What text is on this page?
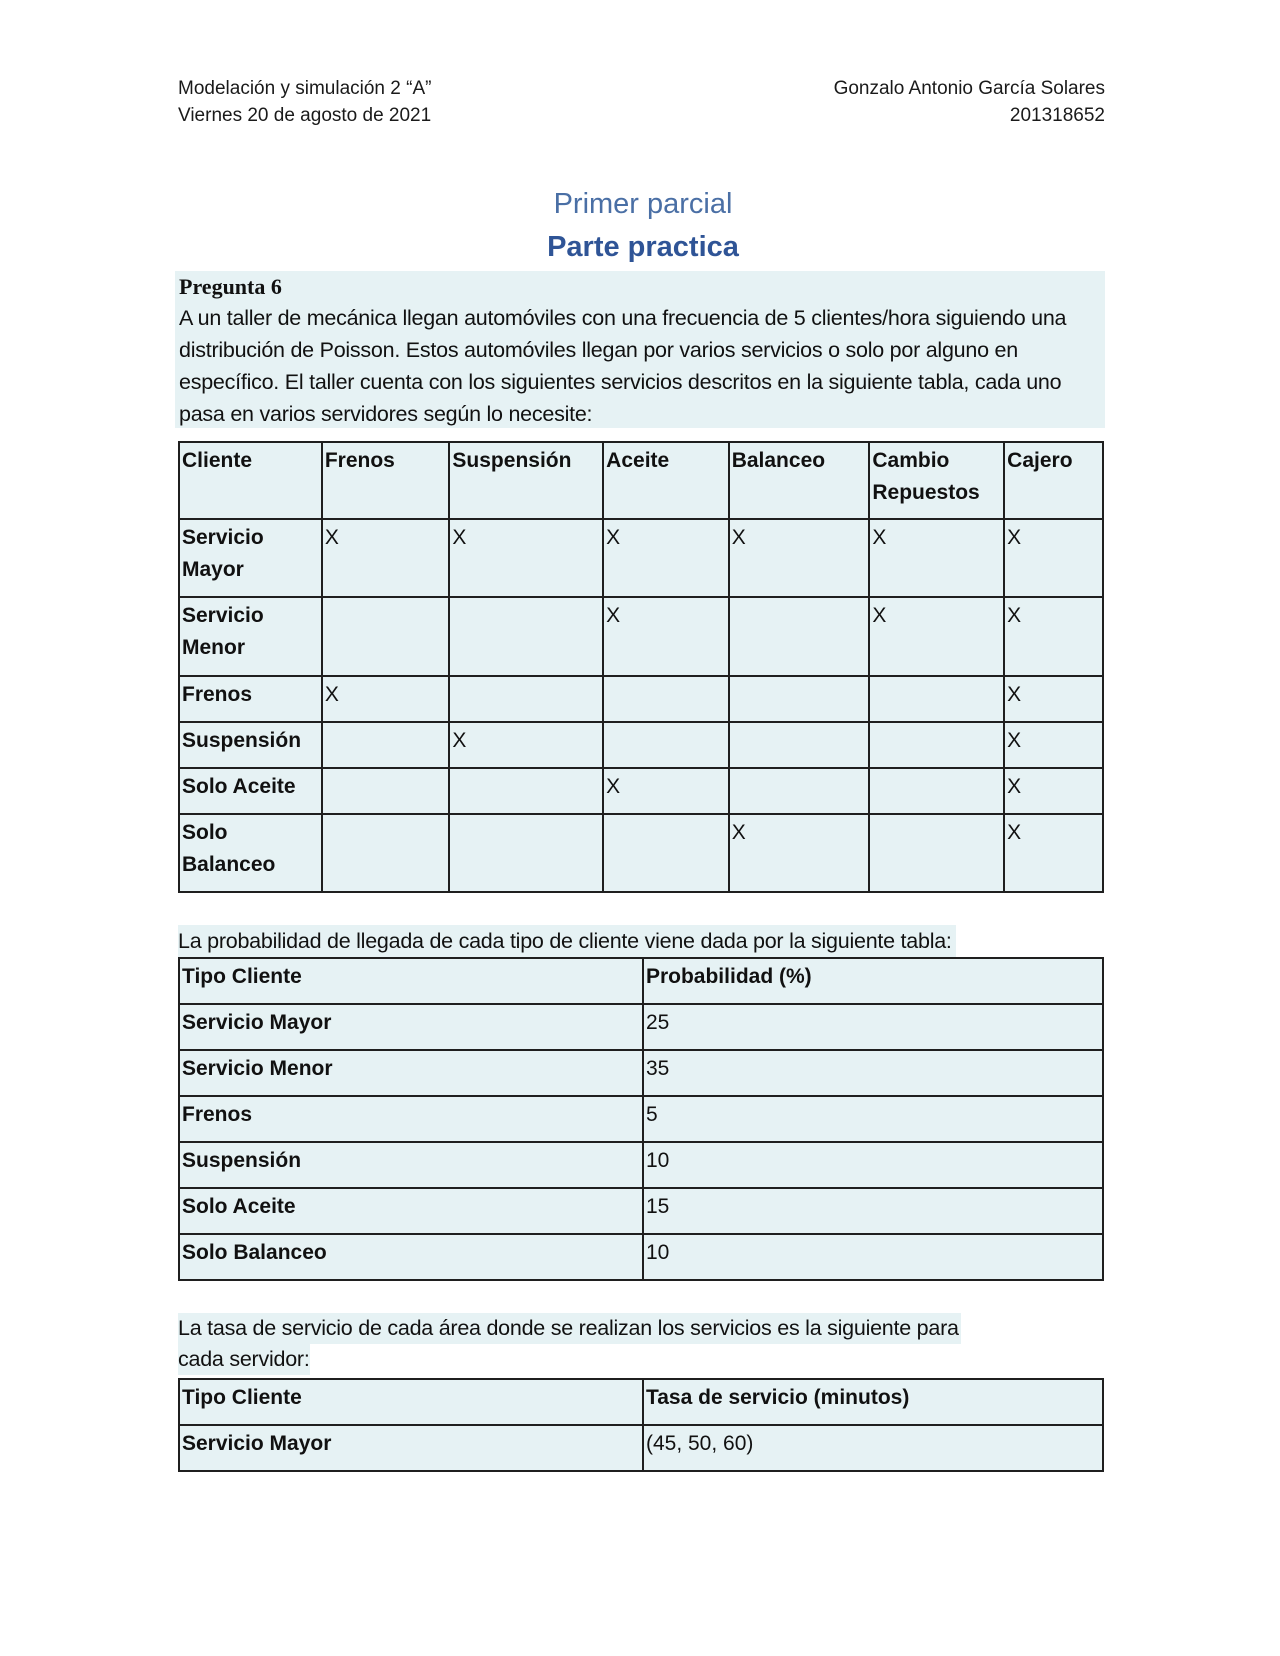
Modelación y simulación 2 “A”
Viernes 20 de agosto de 2021
Gonzalo Antonio García Solares
201318652
Primer parcial
Parte practica
Pregunta 6
A un taller de mecánica llegan automóviles con una frecuencia de 5 clientes/hora siguiendo una distribución de Poisson. Estos automóviles llegan por varios servicios o solo por alguno en específico. El taller cuenta con los siguientes servicios descritos en la siguiente tabla, cada uno pasa en varios servidores según lo necesite:
Cliente	Frenos	Suspensión	Aceite	Balanceo	Cambio Repuestos	Cajero
Servicio Mayor	X	X	X	X	X	X
Servicio Menor			X		X	X
Frenos	X					X
Suspensión		X				X
Solo Aceite			X			X
Solo Balanceo				X		X
La probabilidad de llegada de cada tipo de cliente viene dada por la siguiente tabla:
Tipo Cliente	Probabilidad (%)
Servicio Mayor	25
Servicio Menor	35
Frenos	5
Suspensión	10
Solo Aceite	15
Solo Balanceo	10
La tasa de servicio de cada área donde se realizan los servicios es la siguiente para
cada servidor:
Tipo Cliente	Tasa de servicio (minutos)
Servicio Mayor	(45, 50, 60)
